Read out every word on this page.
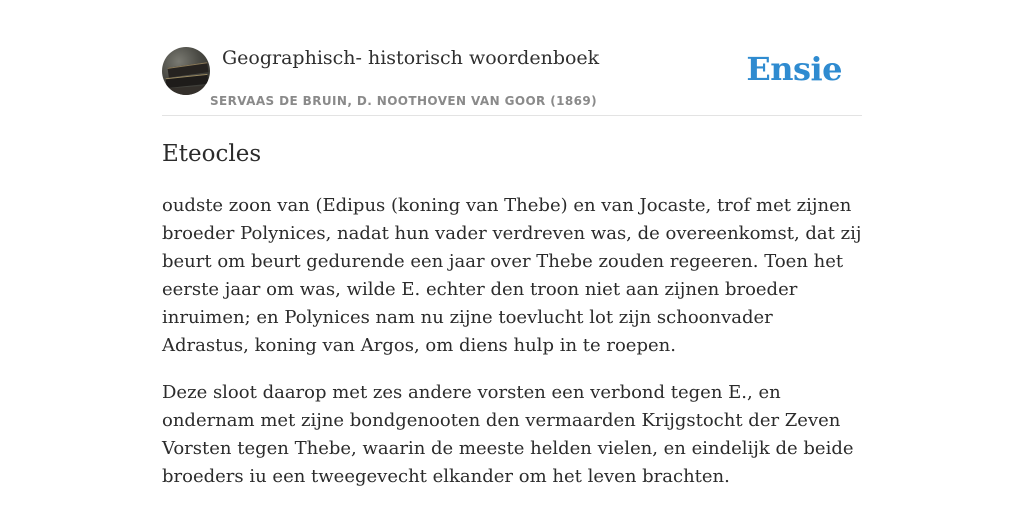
Geographisch- historisch woordenboek
SERVAAS DE BRUIN, D. NOOTHOVEN VAN GOOR (1869)
Ensie
Eteocles

oudste zoon van (Edipus (koning van Thebe) en van Jocaste, trof met zijnen broeder Polynices, nadat hun vader verdreven was, de overeenkomst, dat zij beurt om beurt gedurende een jaar over Thebe zouden regeeren. Toen het eerste jaar om was, wilde E. echter den troon niet aan zijnen broeder inruimen; en Polynices nam nu zijne toevlucht lot zijn schoonvader Adrastus, koning van Argos, om diens hulp in te roepen.

Deze sloot daarop met zes andere vorsten een verbond tegen E., en ondernam met zijne bondgenooten den vermaarden Krijgstocht der Zeven Vorsten tegen Thebe, waarin de meeste helden vielen, en eindelijk de beide broeders iu een tweegevecht elkander om het leven brachten.
